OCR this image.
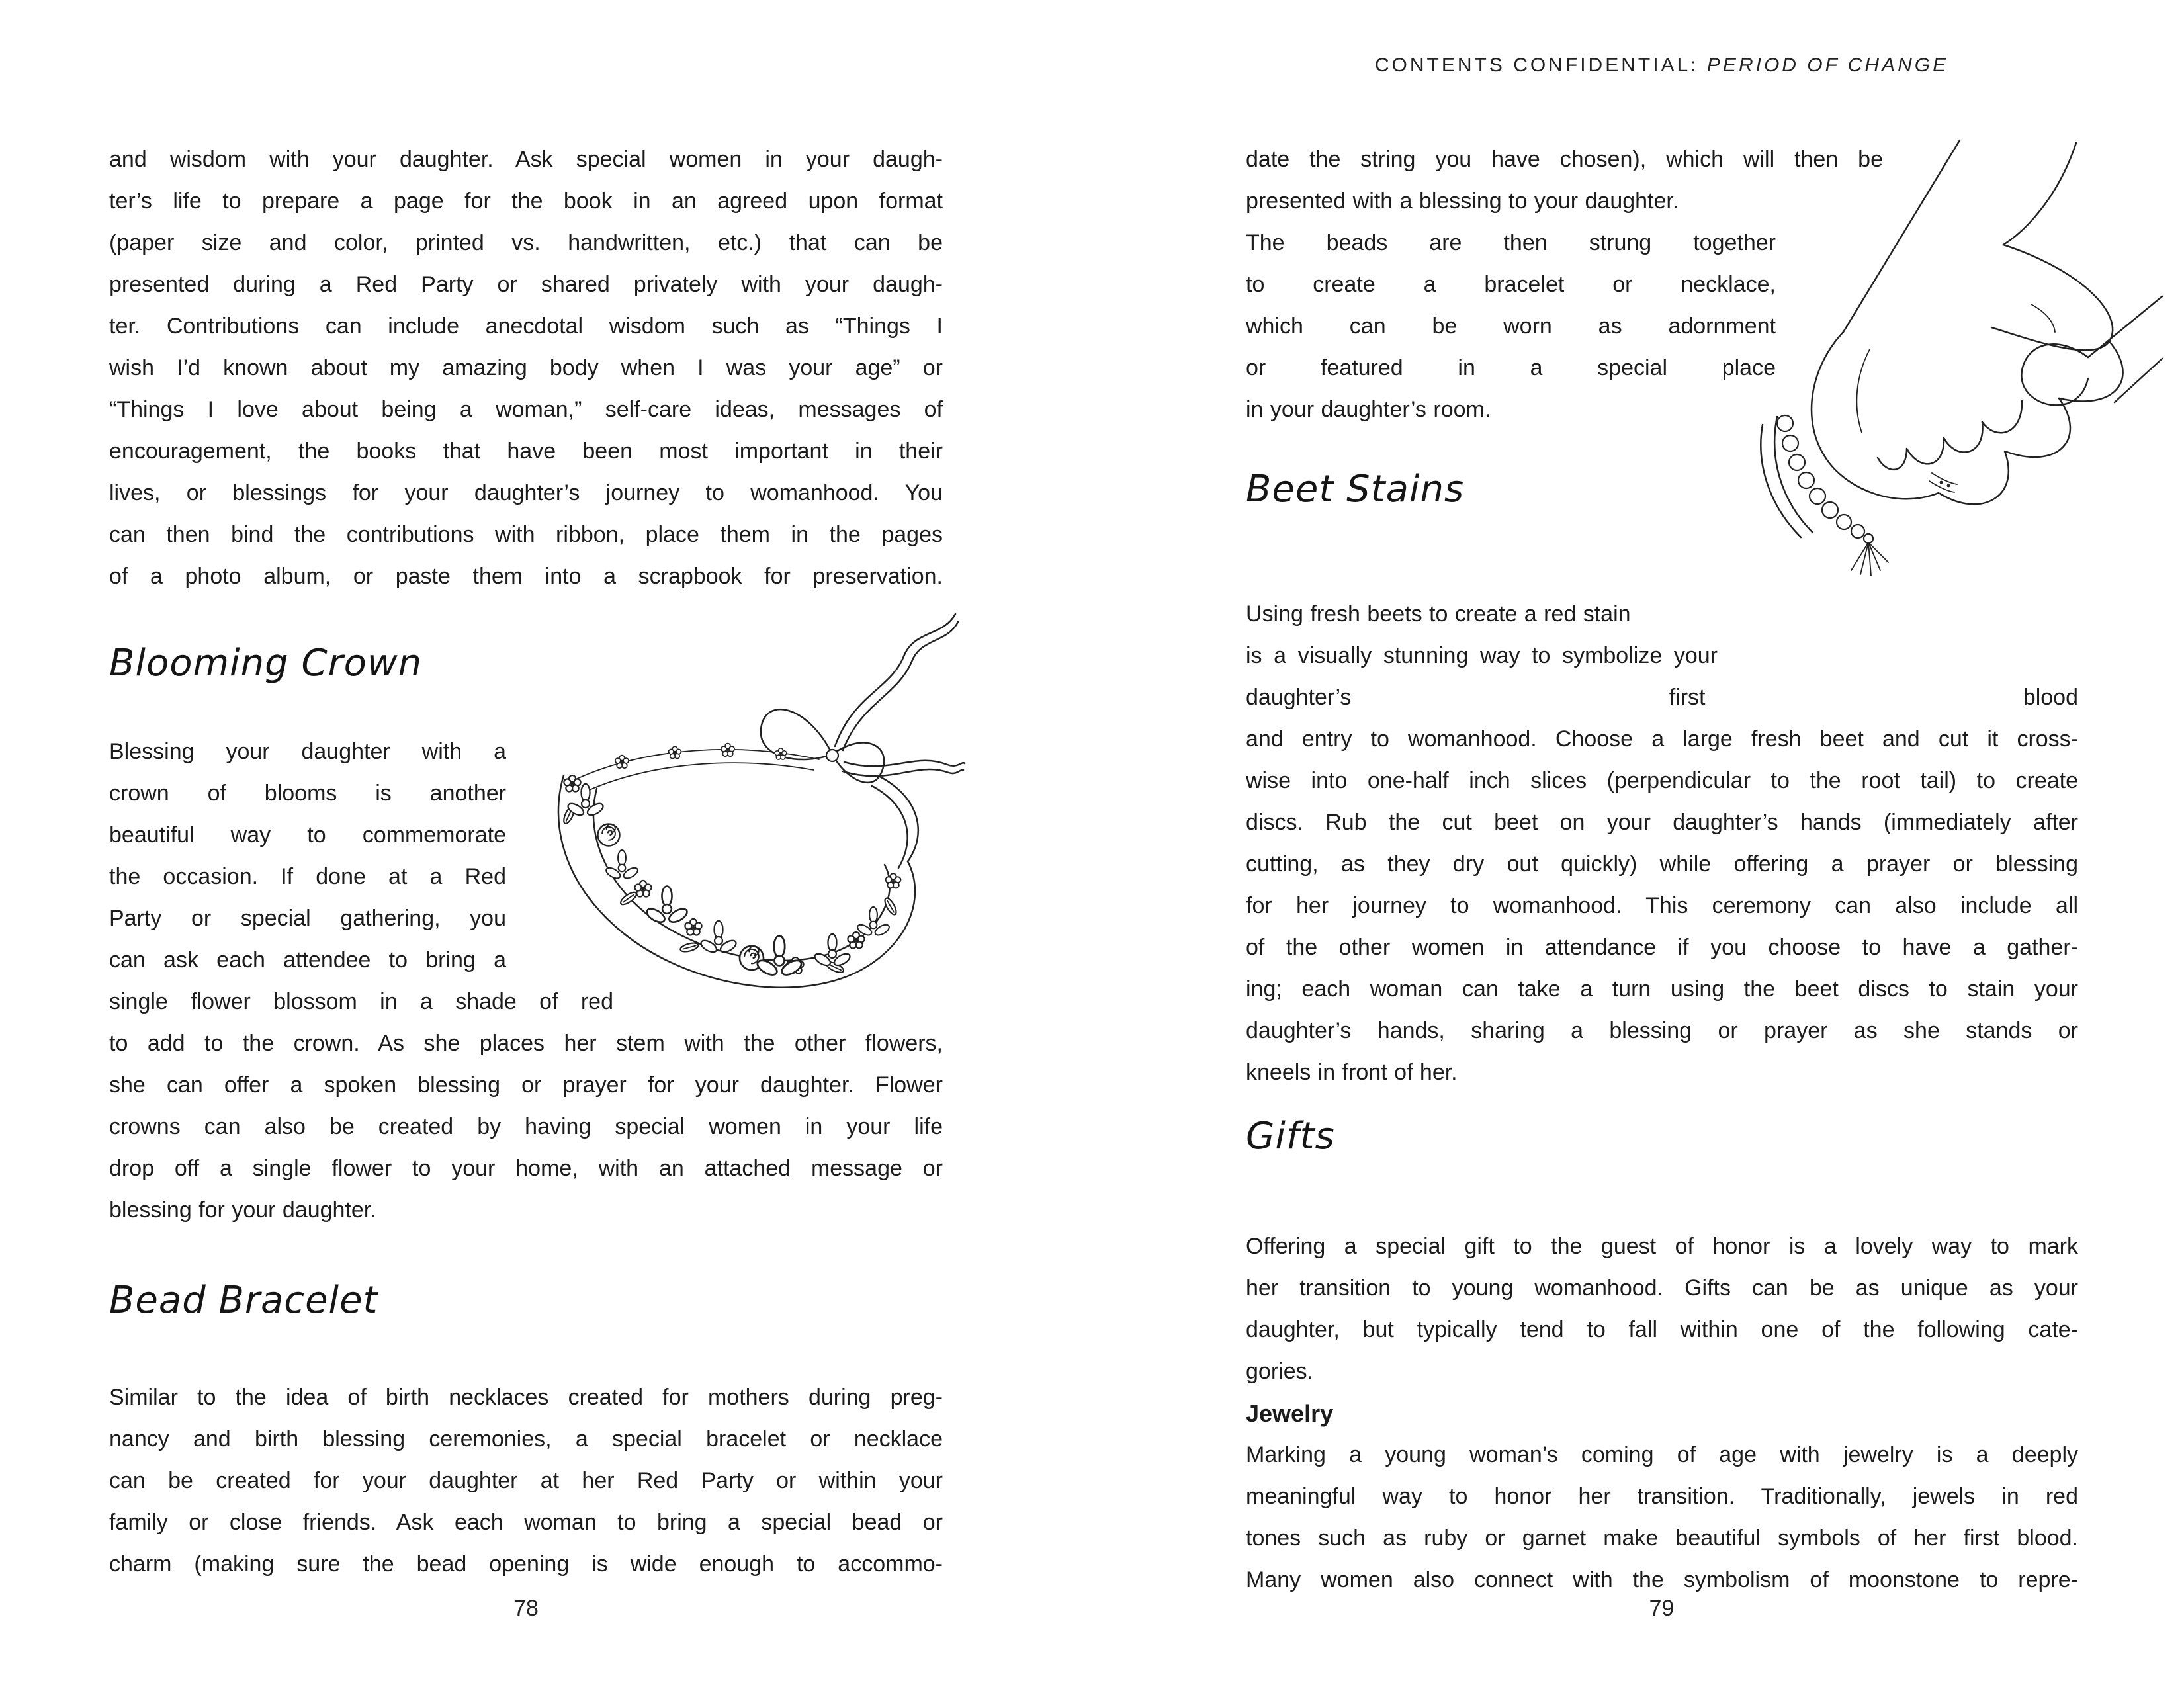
and wisdom with your daughter. Ask special women in your daugh-
ter’s life to prepare a page for the book in an agreed upon format
(paper size and color, printed vs. handwritten, etc.) that can be
presented during a Red Party or shared privately with your daugh-
ter. Contributions can include anecdotal wisdom such as “Things I
wish I’d known about my amazing body when I was your age” or
“Things I love about being a woman,” self-care ideas, messages of
encouragement, the books that have been most important in their
lives, or blessings for your daughter’s journey to womanhood. You
can then bind the contributions with ribbon, place them in the pages
of a photo album, or paste them into a scrapbook for preservation.
Blooming Crown
Blessing your daughter with a
crown of blooms is another
beautiful way to commemorate
the occasion. If done at a Red
Party or special gathering, you
can ask each attendee to bring a
single flower blossom in a shade of red
to add to the crown. As she places her stem with the other flowers,
she can offer a spoken blessing or prayer for your daughter. Flower
crowns can also be created by having special women in your life
drop off a single flower to your home, with an attached message or
blessing for your daughter.
Bead Bracelet
Similar to the idea of birth necklaces created for mothers during preg-
nancy and birth blessing ceremonies, a special bracelet or necklace
can be created for your daughter at her Red Party or within your
family or close friends. Ask each woman to bring a special bead or
charm (making sure the bead opening is wide enough to accommo-
78
CONTENTS CONFIDENTIAL: PERIOD OF CHANGE
date the string you have chosen), which will then be
presented with a blessing to your daughter.
The beads are then strung together
to create a bracelet or necklace,
which can be worn as adornment
or featured in a special place
in your daughter’s room.
Beet Stains
Using fresh beets to create a red stain
is a visually stunning way to symbolize your daughter’s first blood
and entry to womanhood. Choose a large fresh beet and cut it cross-
wise into one-half inch slices (perpendicular to the root tail) to create
discs. Rub the cut beet on your daughter’s hands (immediately after
cutting, as they dry out quickly) while offering a prayer or blessing
for her journey to womanhood. This ceremony can also include all
of the other women in attendance if you choose to have a gather-
ing; each woman can take a turn using the beet discs to stain your
daughter’s hands, sharing a blessing or prayer as she stands or
kneels in front of her.
Gifts
Offering a special gift to the guest of honor is a lovely way to mark
her transition to young womanhood. Gifts can be as unique as your
daughter, but typically tend to fall within one of the following cate-
gories.
Jewelry
Marking a young woman’s coming of age with jewelry is a deeply
meaningful way to honor her transition. Traditionally, jewels in red
tones such as ruby or garnet make beautiful symbols of her first blood.
Many women also connect with the symbolism of moonstone to repre-
79
